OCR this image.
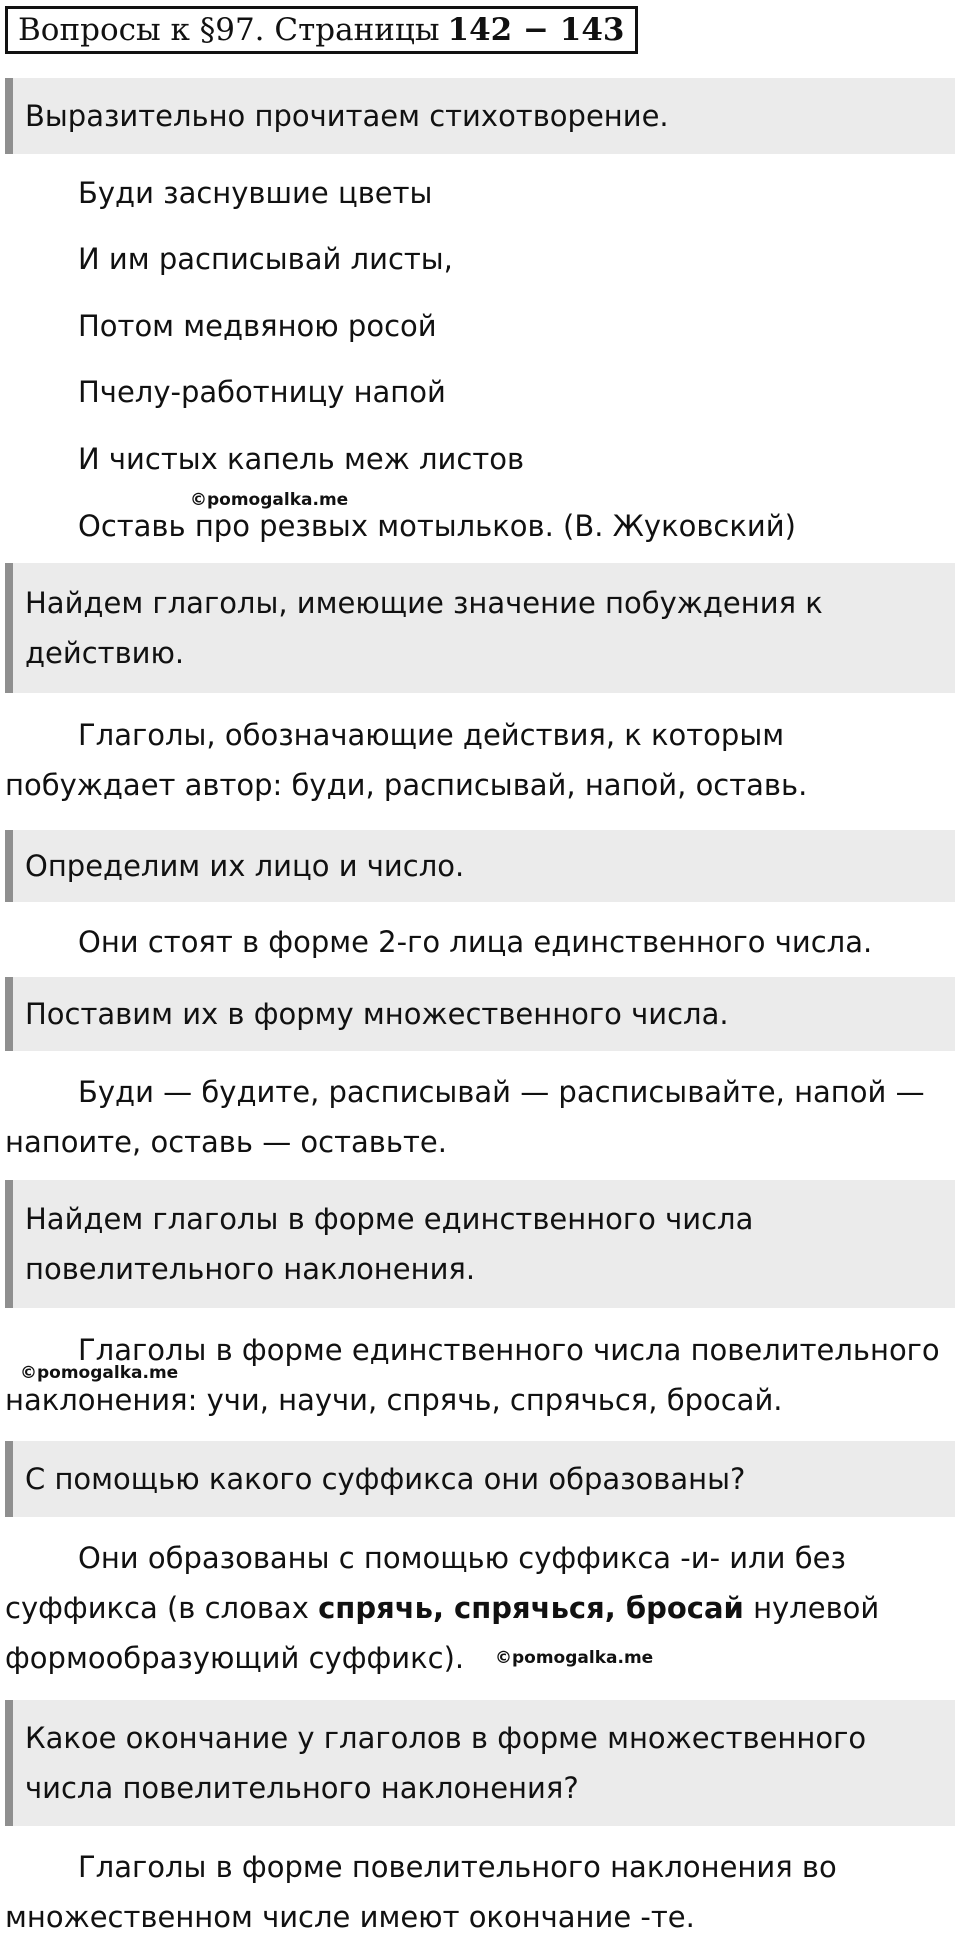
Вопросы к §97. Страницы 142 − 143
Выразительно прочитаем стихотворение.
Буди заснувшие цветы
И им расписывай листы,
Потом медвяною росой
Пчелу-работницу напой
И чистых капель меж листов
Оставь про резвых мотыльков. (В. Жуковский)
©pomogalka.me
Найдем глаголы, имеющие значение побуждения к действию.
Глаголы, обозначающие действия, к которым побуждает автор: буди, расписывай, напой, оставь.
Определим их лицо и число.
Они стоят в форме 2-го лица единственного числа.
Поставим их в форму множественного числа.
Буди — будите, расписывай — расписывайте, напой — напоите, оставь — оставьте.
Найдем глаголы в форме единственного числа повелительного наклонения.
Глаголы в форме единственного числа повелительного наклонения: учи, научи, спрячь, спрячься, бросай.
©pomogalka.me
С помощью какого суффикса они образованы?
Они образованы с помощью суффикса -и- или без суффикса (в словах спрячь, спрячься, бросай нулевой формообразующий суффикс).	©pomogalka.me
Какое окончание у глаголов в форме множественного числа повелительного наклонения?
Глаголы в форме повелительного наклонения во множественном числе имеют окончание -те.
